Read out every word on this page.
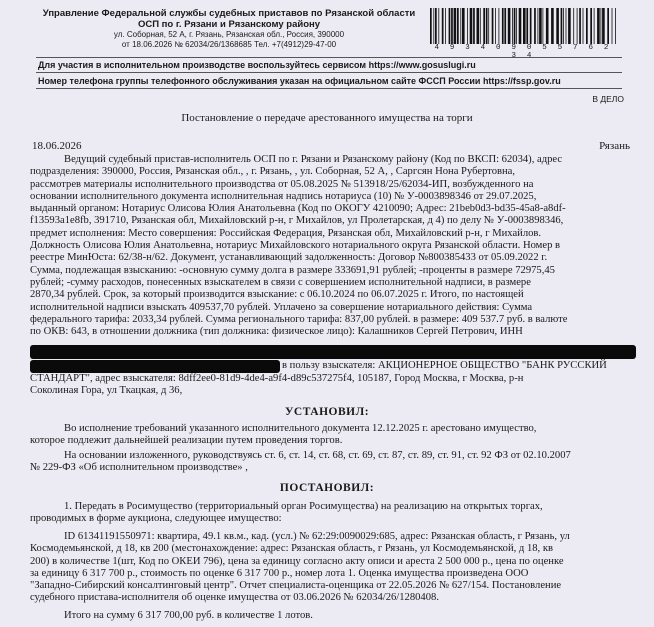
Управление Федеральной службы судебных приставов по Рязанской области
ОСП по г. Рязани и Рязанскому району
ул. Соборная, 52 А, г. Рязань, Рязанская обл., Россия, 390000
от 18.06.2026 № 62034/26/1368685 Тел. +7(4912)29-47-00	4 9 3 4 0 9 0 5 5 7 6 2 3 4
Для участия в исполнительном производстве воспользуйтесь сервисом https://www.gosuslugi.ru
Номер телефона группы телефонного обслуживания указан на официальном сайте ФССП России https://fssp.gov.ru
В ДЕЛО
Постановление о передаче арестованного имущества на торги
18.06.2026	Рязань
Ведущий судебный пристав-исполнитель ОСП по г. Рязани и Рязанскому району (Код по ВКСП: 62034), адрес
подразделения: 390000, Россия, Рязанская обл., , г. Рязань, , ул. Соборная, 52 А, , Саргсян Нона Рубертовна,
рассмотрев материалы исполнительного производства от 05.08.2025 № 513918/25/62034-ИП, возбужденного на
основании исполнительного документа исполнительная надпись нотариуса (10) № У-0003898346 от 29.07.2025,
выданный органом: Нотариус Олисова Юлия Анатольевна (Код по ОКОГУ 4210090; Адрес: 21beb0d3-bd35-45a8-a8df-
f13593a1e8fb, 391710, Рязанская обл, Михайловский р-н, г Михайлов, ул Пролетарская, д 4) по делу № У-0003898346,
предмет исполнения: Место совершения: Российская Федерация, Рязанская обл, Михайловский р-н, г Михайлов.
Должность Олисова Юлия Анатольевна, нотариус Михайловского нотариального округа Рязанской области. Номер в
реестре МинЮста: 62/38-н/62. Документ, устанавливающий задолженность: Договор №800385433 от 05.09.2022 г.
Сумма, подлежащая взысканию: -основную сумму долга в размере 333691,91 рублей; -проценты в размере 72975,45
рублей; -сумму расходов, понесенных взыскателем в связи с совершением исполнительной надписи, в размере
2870,34 рублей. Срок, за который производится взыскание: с 06.10.2024 по 06.07.2025 г. Итого, по настоящей
исполнительной надписи взыскать 409537,70 рублей. Уплачено за совершение нотариального действия: Сумма
федерального тарифа: 2033,34 рублей. Сумма регионального тарифа: 837,00 рублей. в размере: 409 537.7 руб. в валюте
по ОКВ: 643, в отношении должника (тип должника: физическое лицо): Калашников Сергей Петрович, ИНН
в пользу взыскателя: АКЦИОНЕРНОЕ ОБЩЕСТВО "БАНК РУССКИЙ
СТАНДАРТ", адрес взыскателя: 8dff2ee0-81d9-4de4-a9f4-d89c537275f4, 105187, Город Москва, г Москва, р-н
Соколиная Гора, ул Ткацкая, д 36,
УСТАНОВИЛ:
Во исполнение требований указанного исполнительного документа 12.12.2025 г. арестовано имущество,
которое подлежит дальнейшей реализации путем проведения торгов.
На основании изложенного, руководствуясь ст. 6, ст. 14, ст. 68, ст. 69, ст. 87, ст. 89, ст. 91, ст. 92 ФЗ от 02.10.2007
№ 229-ФЗ «Об исполнительном производстве» ,
ПОСТАНОВИЛ:
1. Передать в Росимущество (территориальный орган Росимущества) на реализацию на открытых торгах,
проводимых в форме аукциона, следующее имущество:
ID 61341191550971: квартира, 49.1 кв.м., кад. (усл.) № 62:29:0090029:685, адрес: Рязанская область, г Рязань, ул
Космодемьянской, д 18, кв 200 (местонахождение: адрес: Рязанская область, г Рязань, ул Космодемьянской, д 18, кв
200) в количестве 1(шт, Код по ОКЕИ 796), цена за единицу согласно акту описи и ареста 2 500 000 р., цена по оценке
за единицу 6 317 700 р., стоимость по оценке 6 317 700 р., номер лота 1. Оценка имущества произведена ООО
"Западно-Сибирский консалтинговый центр". Отчет специалиста-оценщика от 22.05.2026 № 627/154. Постановление
судебного пристава-исполнителя об оценке имущества от 03.06.2026 № 62034/26/1280408.
Итого на сумму 6 317 700,00 руб. в количестве 1 лотов.
